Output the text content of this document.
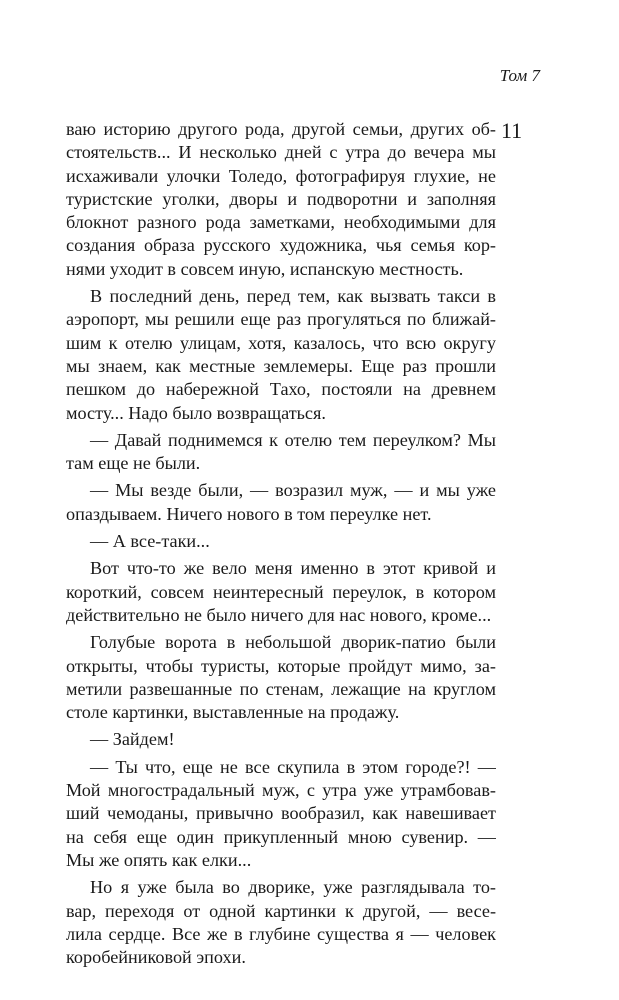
Том 7
11
ваю историю другого рода, другой семьи, других об-
стоятельств... И несколько дней с утра до вечера мы
исхаживали улочки Толедо, фотографируя глухие, не
туристские уголки, дворы и подворотни и заполняя
блокнот разного рода заметками, необходимыми для
создания образа русского художника, чья семья кор-
нями уходит в совсем иную, испанскую местность.
В последний день, перед тем, как вызвать такси в
аэропорт, мы решили еще раз прогуляться по ближай-
шим к отелю улицам, хотя, казалось, что всю округу
мы знаем, как местные землемеры. Еще раз прошли
пешком до набережной Тахо, постояли на древнем
мосту... Надо было возвращаться.
— Давай поднимемся к отелю тем переулком? Мы
там еще не были.
— Мы везде были, — возразил муж, — и мы уже
опаздываем. Ничего нового в том переулке нет.
— А все-таки...
Вот что-то же вело меня именно в этот кривой и
короткий, совсем неинтересный переулок, в котором
действительно не было ничего для нас нового, кроме...
Голубые ворота в небольшой дворик-патио были
открыты, чтобы туристы, которые пройдут мимо, за-
метили развешанные по стенам, лежащие на круглом
столе картинки, выставленные на продажу.
— Зайдем!
— Ты что, еще не все скупила в этом городе?! —
Мой многострадальный муж, с утра уже утрамбовав-
ший чемоданы, привычно вообразил, как навешивает
на себя еще один прикупленный мною сувенир. —
Мы же опять как елки...
Но я уже была во дворике, уже разглядывала то-
вар, переходя от одной картинки к другой, — весе-
лила сердце. Все же в глубине существа я — человек
коробейниковой эпохи.
